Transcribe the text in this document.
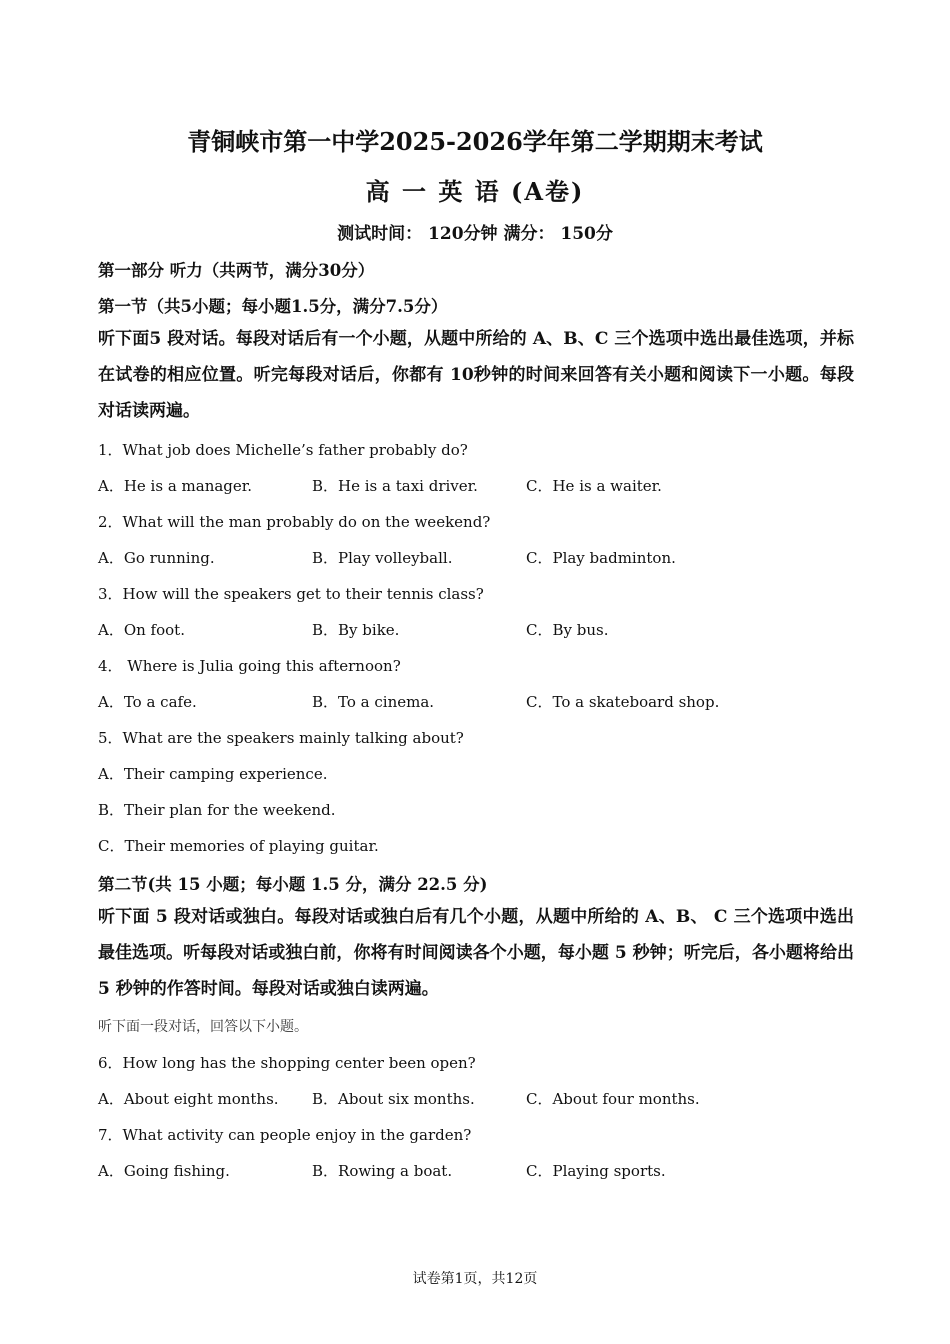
青铜峡市第一中学2025-2026学年第二学期期末考试
高 一 英 语 (A卷)
测试时间： 120分钟 满分： 150分
第一部分 听力（共两节，满分30分）
第一节（共5小题；每小题1.5分，满分7.5分）
听下面5 段对话。每段对话后有一个小题，从题中所给的 A、B、C 三个选项中选出最佳选项，并标在试卷的相应位置。听完每段对话后，你都有 10秒钟的时间来回答有关小题和阅读下一小题。每段对话读两遍。
1．What job does Michelle’s father probably do?
A．He is a manager.	B．He is a taxi driver.	C．He is a waiter.
2．What will the man probably do on the weekend?
A．Go running.	B．Play volleyball.	C．Play badminton.
3．How will the speakers get to their tennis class?
A．On foot.	B．By bike.	C．By bus.
4． Where is Julia going this afternoon?
A．To a cafe.	B．To a cinema.	C．To a skateboard shop.
5．What are the speakers mainly talking about?
A．Their camping experience.
B．Their plan for the weekend.
C．Their memories of playing guitar.
第二节(共 15 小题；每小题 1.5 分，满分 22.5 分)
听下面 5 段对话或独白。每段对话或独白后有几个小题，从题中所给的 A、B、 C 三个选项中选出最佳选项。听每段对话或独白前，你将有时间阅读各个小题，每小题 5 秒钟；听完后，各小题将给出 5 秒钟的作答时间。每段对话或独白读两遍。
听下面一段对话，回答以下小题。
6．How long has the shopping center been open?
A．About eight months. B．About six months.	C．About four months.
7．What activity can people enjoy in the garden?
A．Going fishing.	B．Rowing a boat.	C．Playing sports.
试卷第1页，共12页
